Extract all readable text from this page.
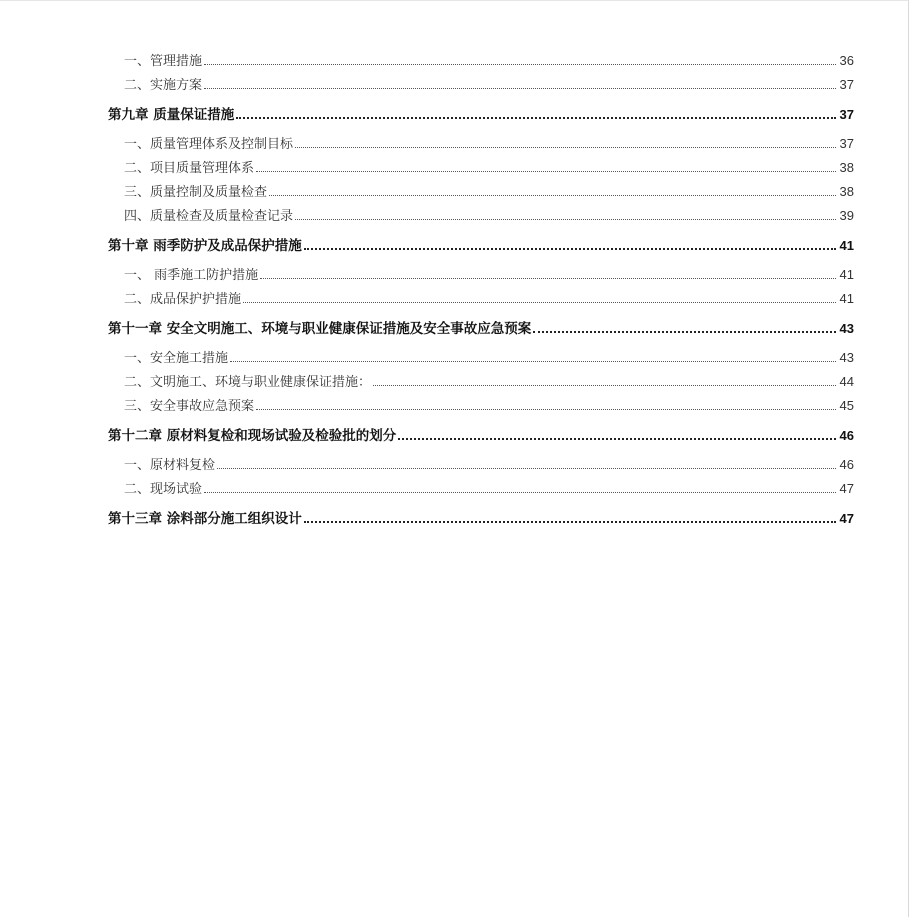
一、管理措施	36
二、实施方案	37
第九章 质量保证措施	37
一、质量管理体系及控制目标	37
二、项目质量管理体系	38
三、质量控制及质量检查	38
四、质量检查及质量检查记录	39
第十章 雨季防护及成品保护措施	41
一、 雨季施工防护措施	41
二、成品保护护措施	41
第十一章 安全文明施工、环境与职业健康保证措施及安全事故应急预案	43
一、安全施工措施	43
二、文明施工、环境与职业健康保证措施：	44
三、安全事故应急预案	45
第十二章 原材料复检和现场试验及检验批的划分	46
一、原材料复检	46
二、现场试验	47
第十三章 涂料部分施工组织设计	47
